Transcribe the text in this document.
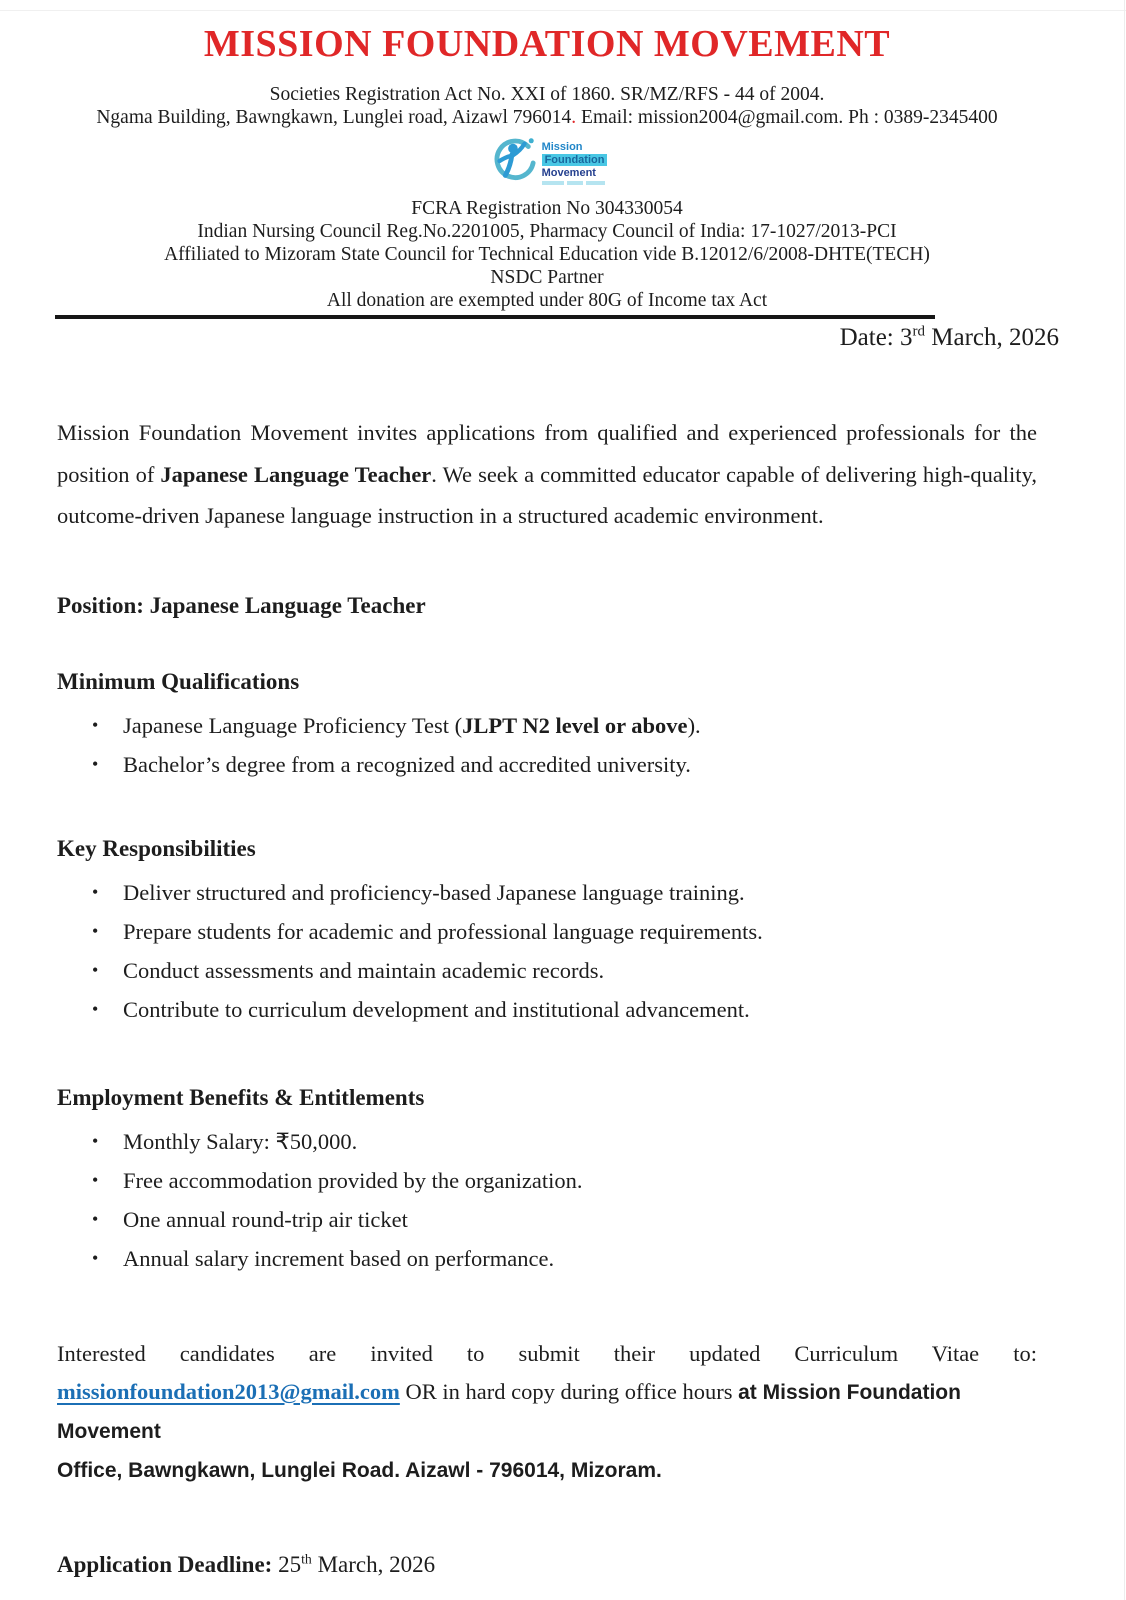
MISSION FOUNDATION MOVEMENT
Societies Registration Act No. XXI of 1860. SR/MZ/RFS - 44 of 2004.
Ngama Building, Bawngkawn, Lunglei road, Aizawl 796014. Email: mission2004@gmail.com. Ph : 0389-2345400
Mission
Foundation
Movement
FCRA Registration No 304330054
Indian Nursing Council Reg.No.2201005, Pharmacy Council of India: 17-1027/2013-PCI
Affiliated to Mizoram State Council for Technical Education vide B.12012/6/2008-DHTE(TECH)
NSDC Partner
All donation are exempted under 80G of Income tax Act
Date: 3rd March, 2026

Mission Foundation Movement invites applications from qualified and experienced professionals for the position of Japanese Language Teacher. We seek a committed educator capable of delivering high-quality, outcome-driven Japanese language instruction in a structured academic environment.

Position: Japanese Language Teacher
Minimum Qualifications
• Japanese Language Proficiency Test (JLPT N2 level or above).
• Bachelor’s degree from a recognized and accredited university.
Key Responsibilities
• Deliver structured and proficiency-based Japanese language training.
• Prepare students for academic and professional language requirements.
• Conduct assessments and maintain academic records.
• Contribute to curriculum development and institutional advancement.
Employment Benefits & Entitlements
• Monthly Salary: ₹50,000.
• Free accommodation provided by the organization.
• One annual round-trip air ticket
• Annual salary increment based on performance.
Interested candidates are invited to submit their updated Curriculum Vitae to:
missionfoundation2013@gmail.com OR in hard copy during office hours at Mission Foundation Movement
Office, Bawngkawn, Lunglei Road. Aizawl - 796014, Mizoram.
Application Deadline: 25th March, 2026
